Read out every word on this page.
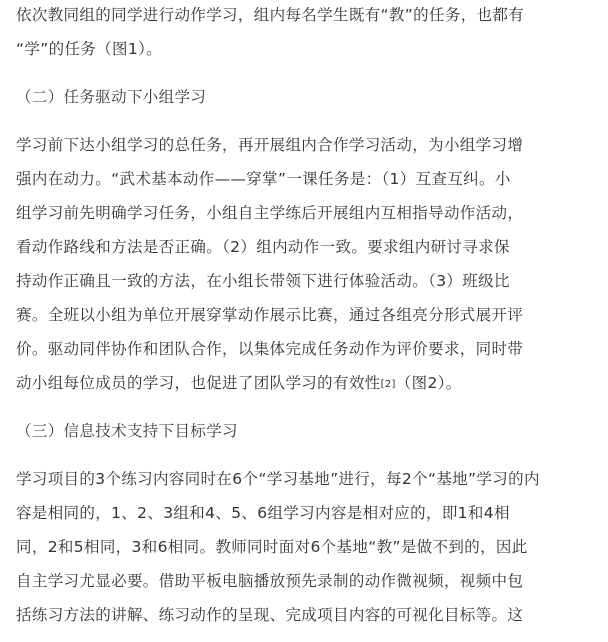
依次教同组的同学进行动作学习，组内每名学生既有“教”的任务，也都有
“学”的任务（图1）。
（二）任务驱动下小组学习
学习前下达小组学习的总任务，再开展组内合作学习活动，为小组学习增
强内在动力。“武术基本动作——穿掌”一课任务是：（1）互查互纠。小
组学习前先明确学习任务，小组自主学练后开展组内互相指导动作活动，
看动作路线和方法是否正确。（2）组内动作一致。要求组内研讨寻求保
持动作正确且一致的方法，在小组长带领下进行体验活动。（3）班级比
赛。全班以小组为单位开展穿掌动作展示比赛，通过各组亮分形式展开评
价。驱动同伴协作和团队合作，以集体完成任务动作为评价要求，同时带
动小组每位成员的学习，也促进了团队学习的有效性[2]（图2）。
（三）信息技术支持下目标学习
学习项目的3个练习内容同时在6个“学习基地”进行，每2个“基地”学习的内
容是相同的，1、2、3组和4、5、6组学习内容是相对应的，即1和4相
同，2和5相同，3和6相同。教师同时面对6个基地“教”是做不到的，因此
自主学习尤显必要。借助平板电脑播放预先录制的动作微视频，视频中包
括练习方法的讲解、练习动作的呈现、完成项目内容的可视化目标等。这
